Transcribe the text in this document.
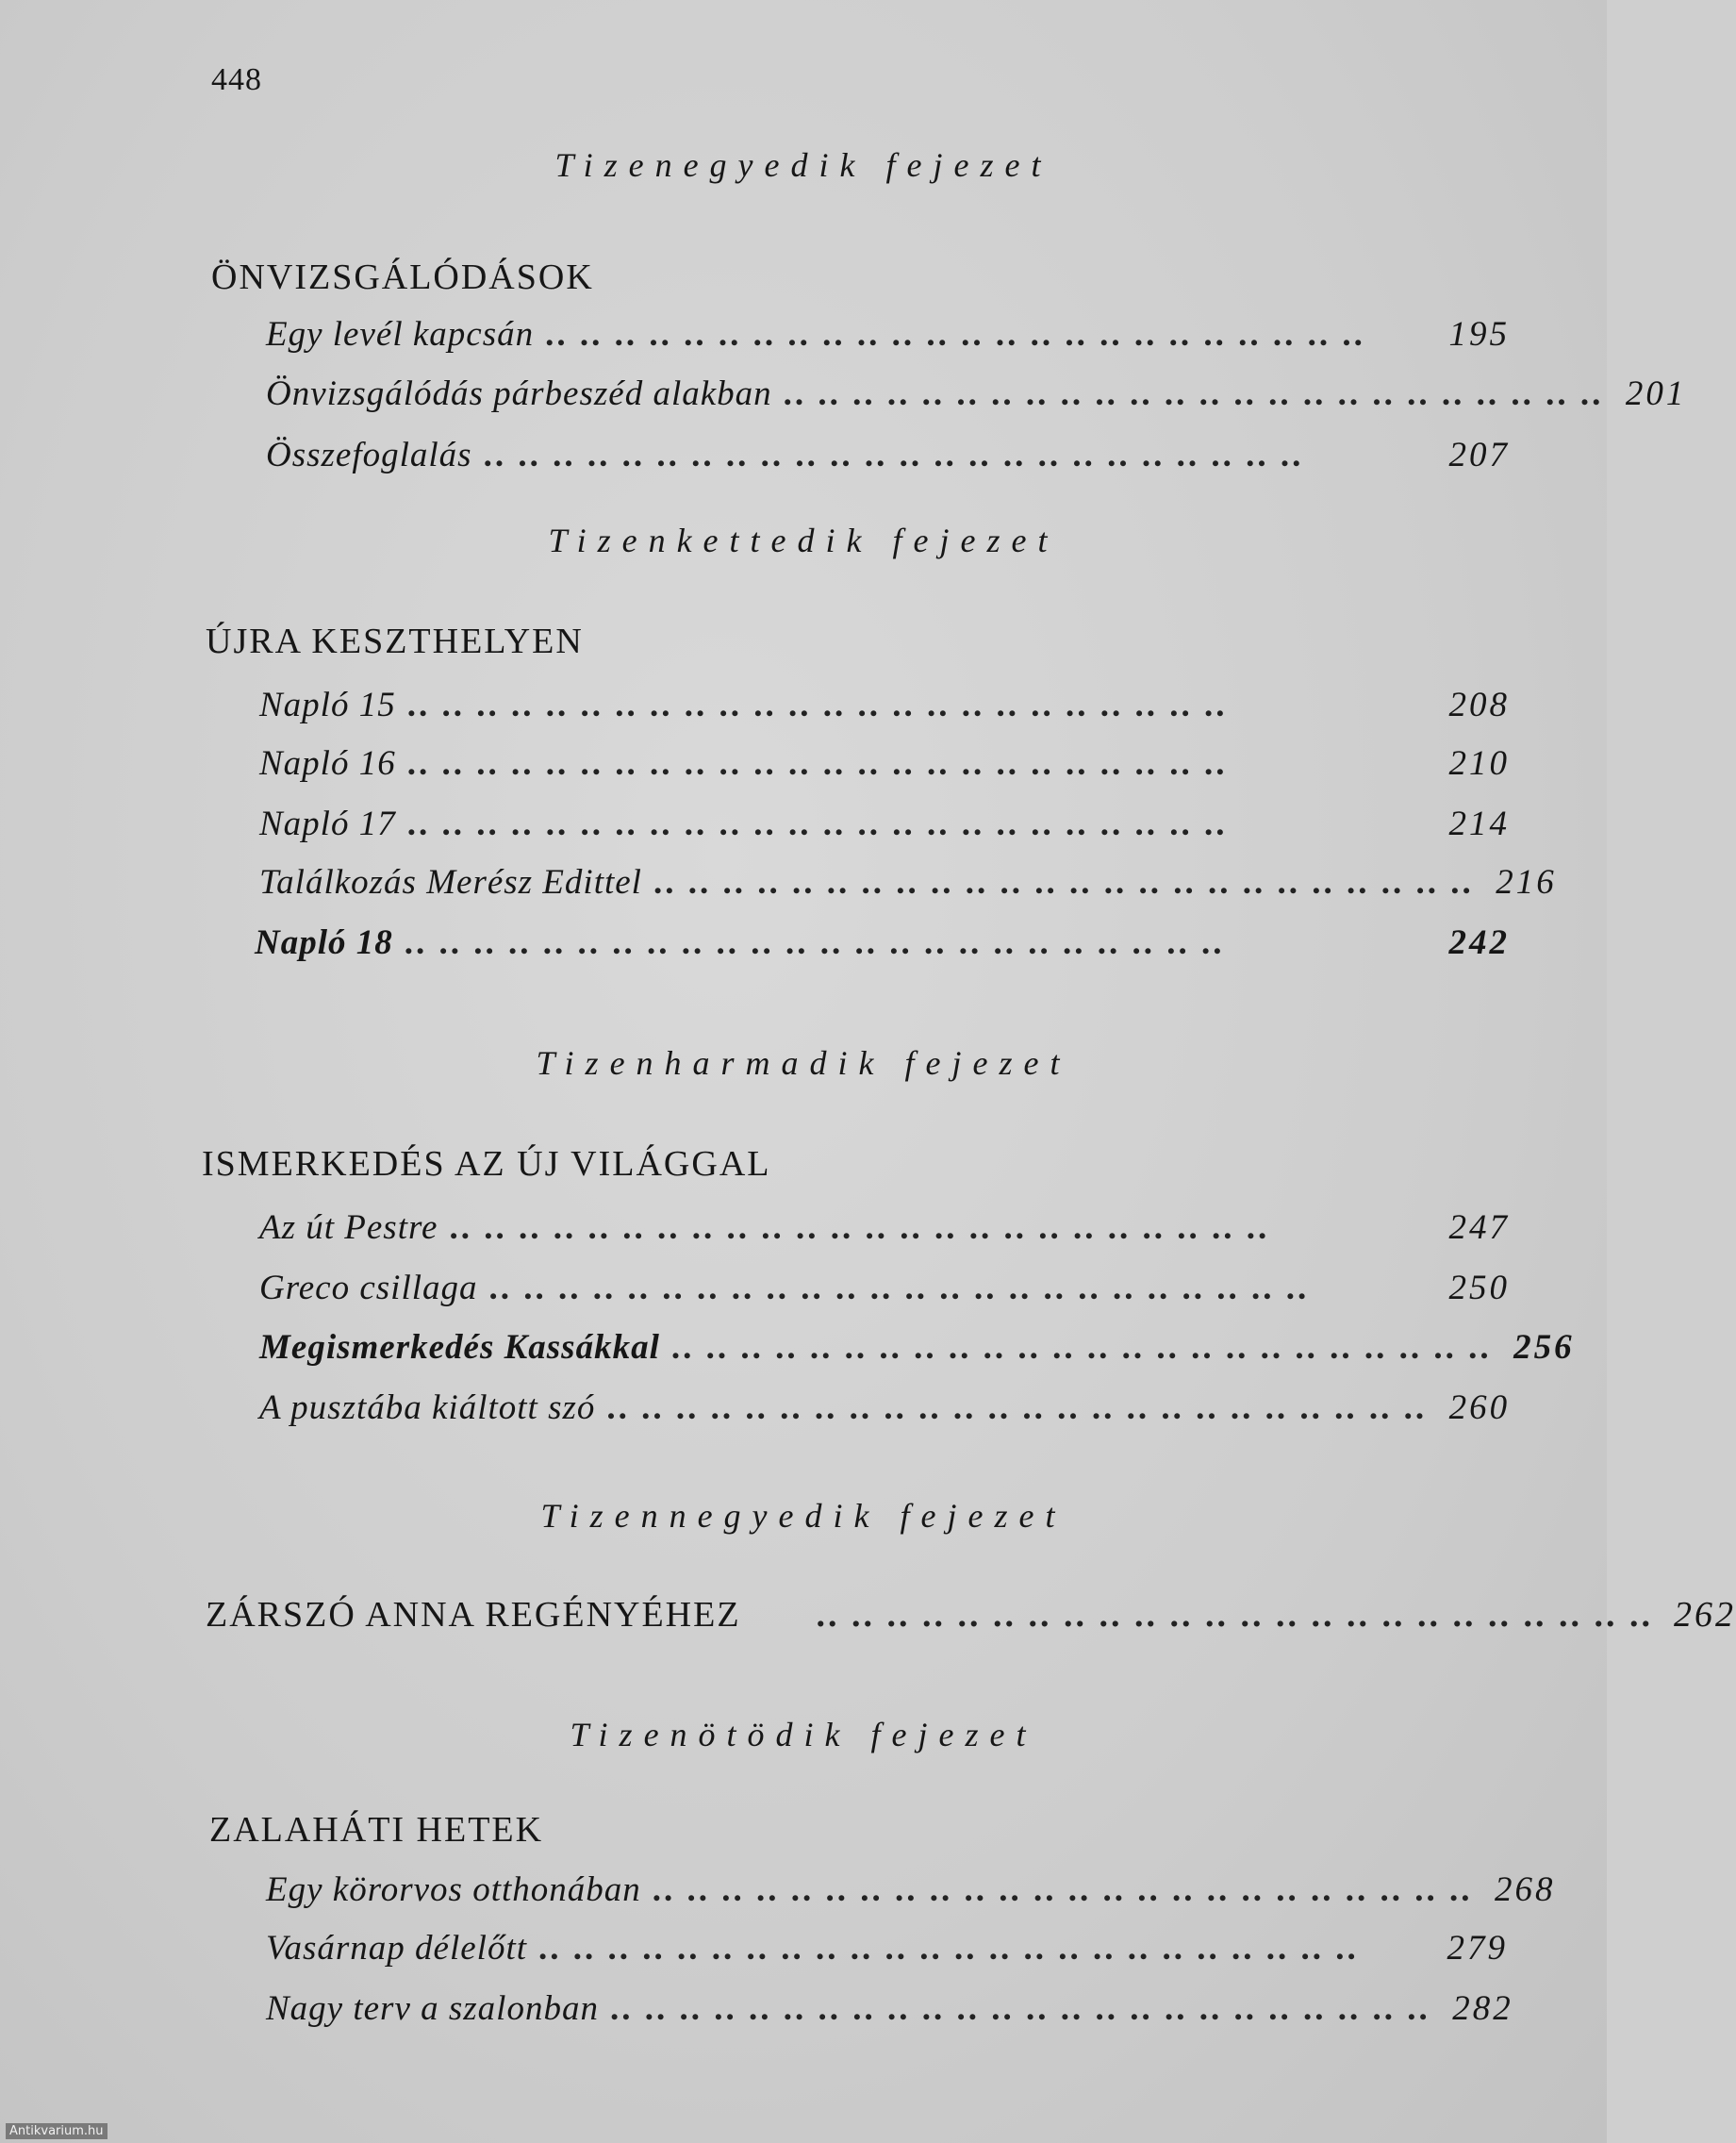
448
Tizenegyedik fejezet
ÖNVIZSGÁLÓDÁSOK
Egy levél kapcsán .. .. .. .. .. .. .. .. .. .. .. .. .. .. .. .. .. .. .. .. .. .. .. ..	195
Önvizsgálódás párbeszéd alakban .. .. .. .. .. .. .. .. .. .. .. .. .. .. .. .. .. .. .. .. .. .. .. .. 201
Összefoglalás .. .. .. .. .. .. .. .. .. .. .. .. .. .. .. .. .. .. .. .. .. .. .. ..	207
Tizenkettedik fejezet
ÚJRA KESZTHELYEN
Napló 15 .. .. .. .. .. .. .. .. .. .. .. .. .. .. .. .. .. .. .. .. .. .. .. ..	208
Napló 16 .. .. .. .. .. .. .. .. .. .. .. .. .. .. .. .. .. .. .. .. .. .. .. ..	210
Napló 17 .. .. .. .. .. .. .. .. .. .. .. .. .. .. .. .. .. .. .. .. .. .. .. ..	214
Találkozás Merész Edittel .. .. .. .. .. .. .. .. .. .. .. .. .. .. .. .. .. .. .. .. .. .. .. .. 216
Napló 18 .. .. .. .. .. .. .. .. .. .. .. .. .. .. .. .. .. .. .. .. .. .. .. ..	242
Tizenharmadik fejezet
ISMERKEDÉS AZ ÚJ VILÁGGAL
Az út Pestre .. .. .. .. .. .. .. .. .. .. .. .. .. .. .. .. .. .. .. .. .. .. .. ..	247
Greco csillaga .. .. .. .. .. .. .. .. .. .. .. .. .. .. .. .. .. .. .. .. .. .. .. ..	250
Megismerkedés Kassákkal .. .. .. .. .. .. .. .. .. .. .. .. .. .. .. .. .. .. .. .. .. .. .. .. 256
A pusztába kiáltott szó .. .. .. .. .. .. .. .. .. .. .. .. .. .. .. .. .. .. .. .. .. .. .. .. 260
Tizennegyedik fejezet
ZÁRSZÓ ANNA REGÉNYÉHEZ	.. .. .. .. .. .. .. .. .. .. .. .. .. .. .. .. .. .. .. .. .. .. .. .. 262
Tizenötödik fejezet
ZALAHÁTI HETEK
Egy körorvos otthonában .. .. .. .. .. .. .. .. .. .. .. .. .. .. .. .. .. .. .. .. .. .. .. .. 268
Vasárnap délelőtt .. .. .. .. .. .. .. .. .. .. .. .. .. .. .. .. .. .. .. .. .. .. .. ..	279
Nagy terv a szalonban .. .. .. .. .. .. .. .. .. .. .. .. .. .. .. .. .. .. .. .. .. .. .. .. 282
Antikvarium.hu
